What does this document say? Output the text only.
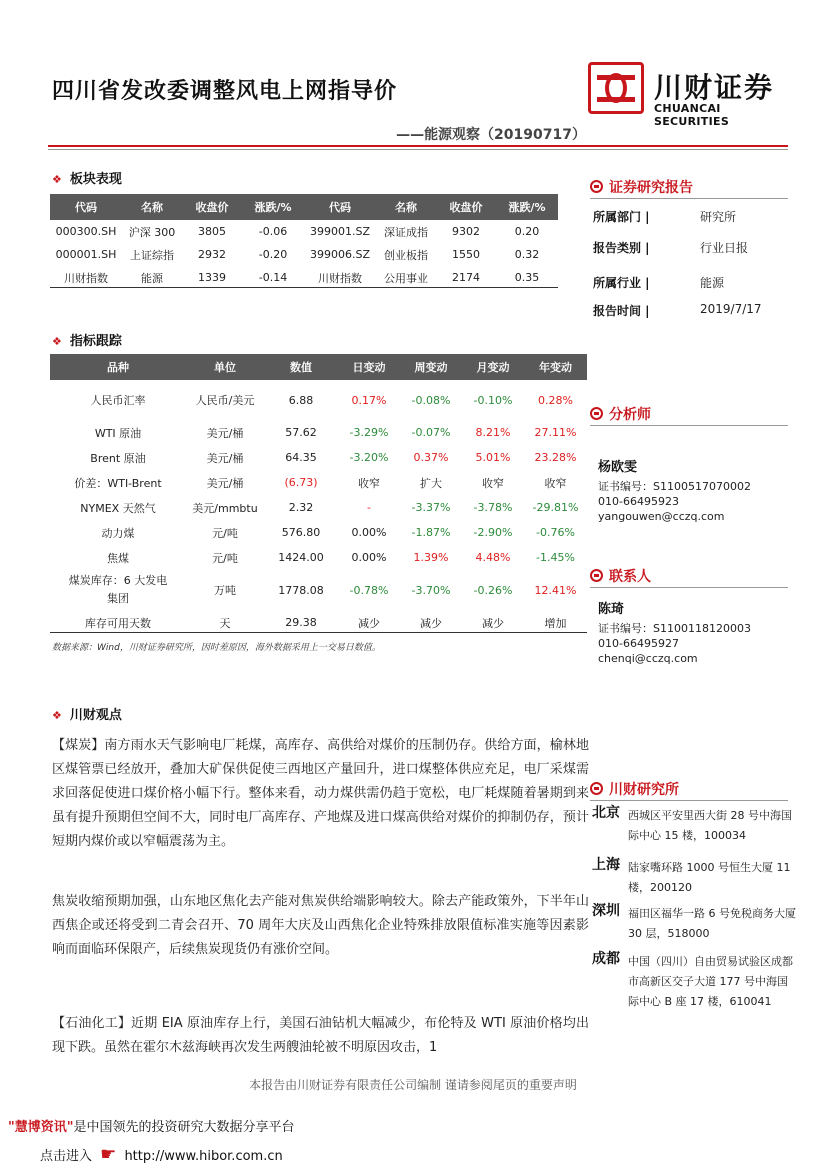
四川省发改委调整风电上网指导价
——能源观察（20190717）
川财证券
CHUANCAI SECURITIES
❖ 板块表现
代码	名称	收盘价	涨跌/%	代码	名称	收盘价	涨跌/%
000300.SH	沪深 300	3805	-0.06	399001.SZ	深证成指	9302	0.20
000001.SH	上证综指	2932	-0.20	399006.SZ	创业板指	1550	0.32
川财指数	能源	1339	-0.14	川财指数	公用事业	2174	0.35
❖ 指标跟踪
品种	单位	数值	日变动	周变动	月变动	年变动
人民币汇率	人民币/美元	6.88	0.17%	-0.08%	-0.10%	0.28%
WTI 原油	美元/桶	57.62	-3.29%	-0.07%	8.21%	27.11%
Brent 原油	美元/桶	64.35	-3.20%	0.37%	5.01%	23.28%
价差：WTI-Brent	美元/桶	(6.73)	收窄	扩大	收窄	收窄
NYMEX 天然气	美元/mmbtu	2.32	-	-3.37%	-3.78%	-29.81%
动力煤	元/吨	576.80	0.00%	-1.87%	-2.90%	-0.76%
焦煤	元/吨	1424.00	0.00%	1.39%	4.48%	-1.45%
煤炭库存：6 大发电集团	万吨	1778.08	-0.78%	-3.70%	-0.26%	12.41%
库存可用天数	天	29.38	减少	减少	减少	增加
数据来源：Wind，川财证券研究所，因时差原因，海外数据采用上一交易日数值。
❖ 川财观点
【煤炭】南方雨水天气影响电厂耗煤，高库存、高供给对煤价的压制仍存。供给方面，榆林地区煤管票已经放开，叠加大矿保供促使三西地区产量回升，进口煤整体供应充足，电厂采煤需求回落促使进口煤价格小幅下行。整体来看，动力煤供需仍趋于宽松，电厂耗煤随着暑期到来虽有提升预期但空间不大，同时电厂高库存、产地煤及进口煤高供给对煤价的抑制仍存，预计短期内煤价或以窄幅震荡为主。
焦炭收缩预期加强，山东地区焦化去产能对焦炭供给端影响较大。除去产能政策外，下半年山西焦企或还将受到二青会召开、70 周年大庆及山西焦化企业特殊排放限值标准实施等因素影响而面临环保限产，后续焦炭现货仍有涨价空间。
【石油化工】近期 EIA 原油库存上行，美国石油钻机大幅减少，布伦特及 WTI 原油价格均出现下跌。虽然在霍尔木兹海峡再次发生两艘油轮被不明原因攻击，1
证券研究报告
所属部门 |	研究所
报告类别 |	行业日报
所属行业 |	能源
报告时间 |	2019/7/17
分析师
杨欧雯
证书编号：S1100517070002
010-66495923
yangouwen@cczq.com
联系人
陈琦
证书编号：S1100118120003
010-66495927
chenqi@cczq.com
川财研究所
北京 西城区平安里西大街 28 号中海国际中心 15 楼，100034
上海 陆家嘴环路 1000 号恒生大厦 11 楼，200120
深圳 福田区福华一路 6 号免税商务大厦 30 层，518000
成都 中国（四川）自由贸易试验区成都市高新区交子大道 177 号中海国际中心 B 座 17 楼，610041
本报告由川财证券有限责任公司编制 谨请参阅尾页的重要声明
"慧博资讯"是中国领先的投资研究大数据分享平台
点击进入 ☛ http://www.hibor.com.cn
